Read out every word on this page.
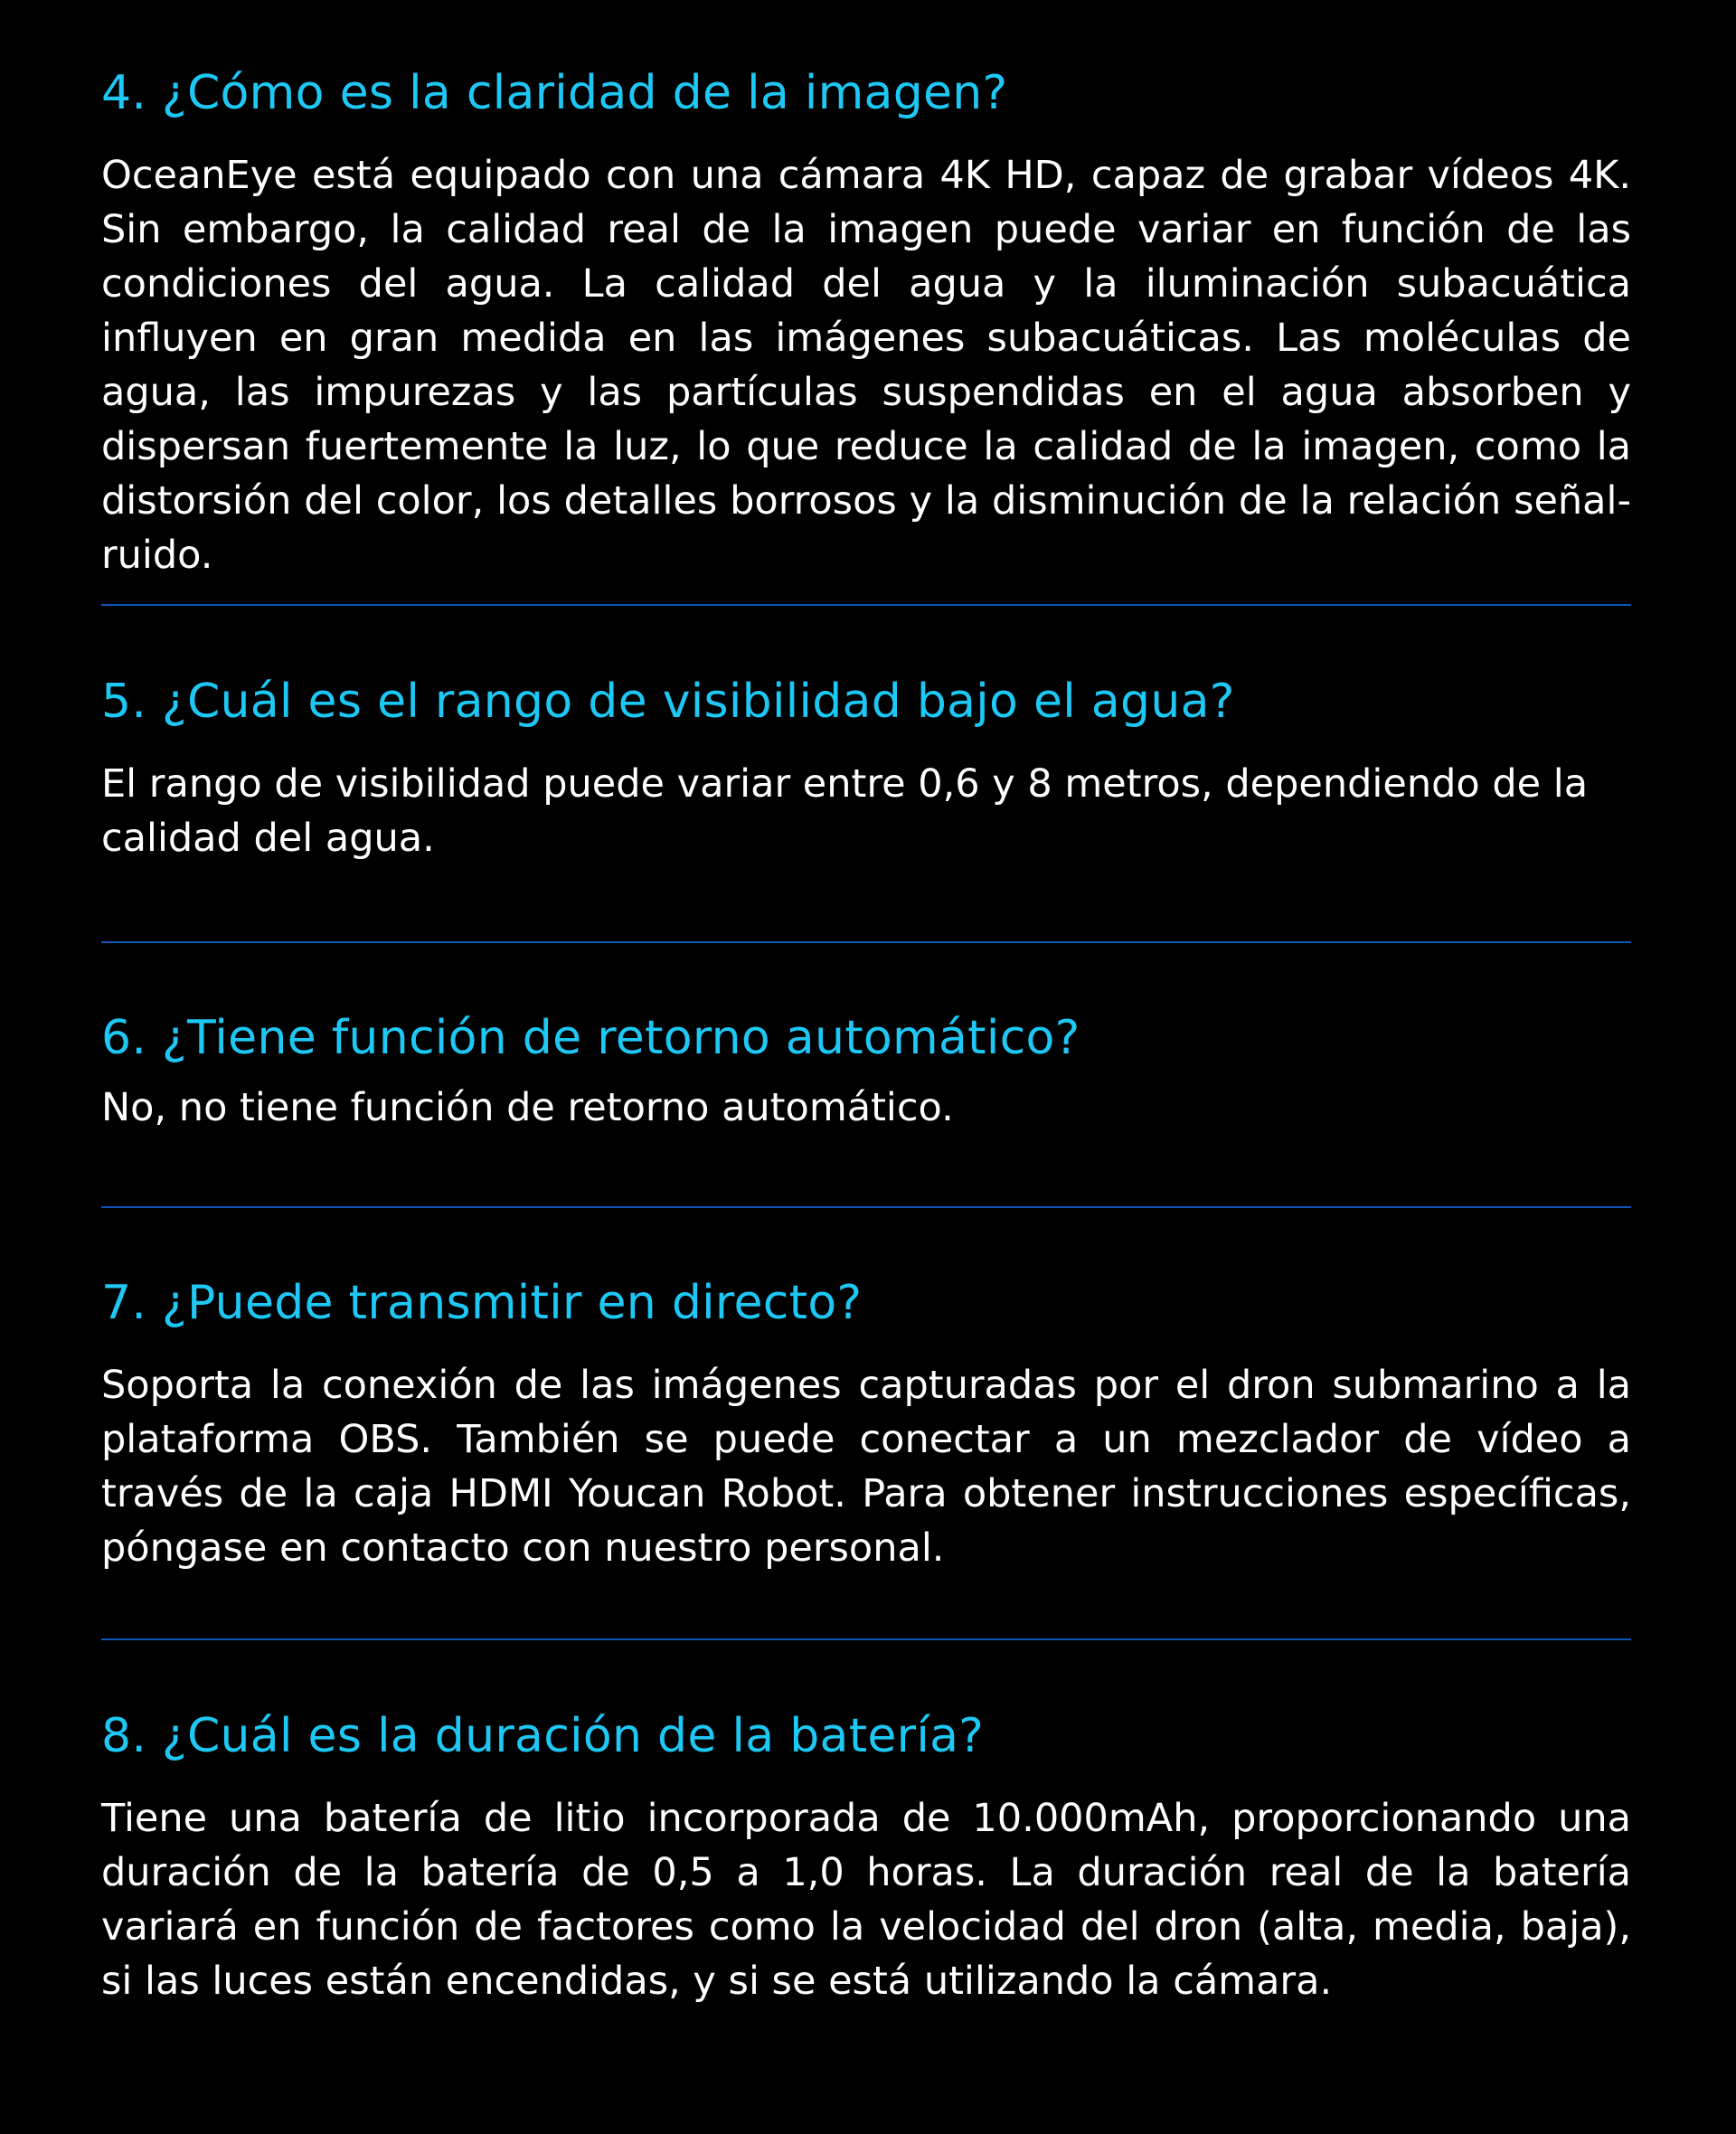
4. ¿Cómo es la claridad de la imagen?

OceanEye está equipado con una cámara 4K HD, capaz de grabar vídeos 4K. Sin embargo, la calidad real de la imagen puede variar en función de las condiciones del agua. La calidad del agua y la iluminación subacuática influyen en gran medida en las imágenes subacuáticas. Las moléculas de agua, las impurezas y las partículas suspendidas en el agua absorben y dispersan fuertemente la luz, lo que reduce la calidad de la imagen, como la distorsión del color, los detalles borrosos y la disminución de la relación señal-ruido.

5. ¿Cuál es el rango de visibilidad bajo el agua?

El rango de visibilidad puede variar entre 0,6 y 8 metros, dependiendo de la calidad del agua.

6. ¿Tiene función de retorno automático?

No, no tiene función de retorno automático.

7. ¿Puede transmitir en directo?

Soporta la conexión de las imágenes capturadas por el dron submarino a la plataforma OBS. También se puede conectar a un mezclador de vídeo a través de la caja HDMI Youcan Robot. Para obtener instrucciones específicas, póngase en contacto con nuestro personal.

8. ¿Cuál es la duración de la batería?

Tiene una batería de litio incorporada de 10.000mAh, proporcionando una duración de la batería de 0,5 a 1,0 horas. La duración real de la batería variará en función de factores como la velocidad del dron (alta, media, baja), si las luces están encendidas, y si se está utilizando la cámara.
